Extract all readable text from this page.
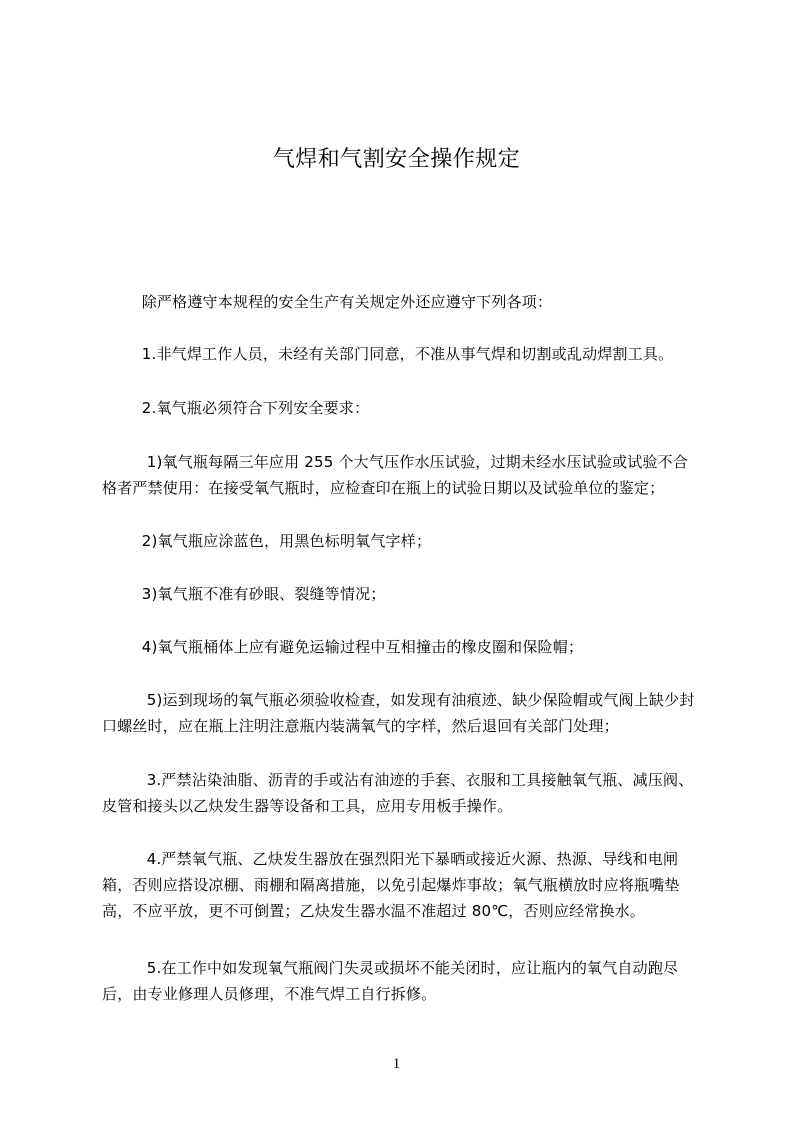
气焊和气割安全操作规定
除严格遵守本规程的安全生产有关规定外还应遵守下列各项：
1.非气焊工作人员，未经有关部门同意，不准从事气焊和切割或乱动焊割工具。
2.氧气瓶必须符合下列安全要求：
1)氧气瓶每隔三年应用 255 个大气压作水压试验，过期未经水压试验或试验不合格者严禁使用：在接受氧气瓶时，应检查印在瓶上的试验日期以及试验单位的鉴定；
2)氧气瓶应涂蓝色，用黑色标明氧气字样；
3)氧气瓶不准有砂眼、裂缝等情况；
4)氧气瓶桶体上应有避免运输过程中互相撞击的橡皮圈和保险帽；
5)运到现场的氧气瓶必须验收检查，如发现有油痕迹、缺少保险帽或气阀上缺少封口螺丝时，应在瓶上注明注意瓶内装满氧气的字样，然后退回有关部门处理；
3.严禁沾染油脂、沥青的手或沾有油迹的手套、衣服和工具接触氧气瓶、减压阀、皮管和接头以乙炔发生器等设备和工具，应用专用板手操作。
4.严禁氧气瓶、乙炔发生器放在强烈阳光下暴晒或接近火源、热源、导线和电闸 箱，否则应搭设凉棚、雨棚和隔离措施，以免引起爆炸事故；氧气瓶横放时应将瓶嘴垫高，不应平放，更不可倒置；乙炔发生器水温不准超过 80℃，否则应经常换水。
5.在工作中如发现氧气瓶阀门失灵或损坏不能关闭时，应让瓶内的氧气自动跑尽后，由专业修理人员修理，不准气焊工自行拆修。
1
